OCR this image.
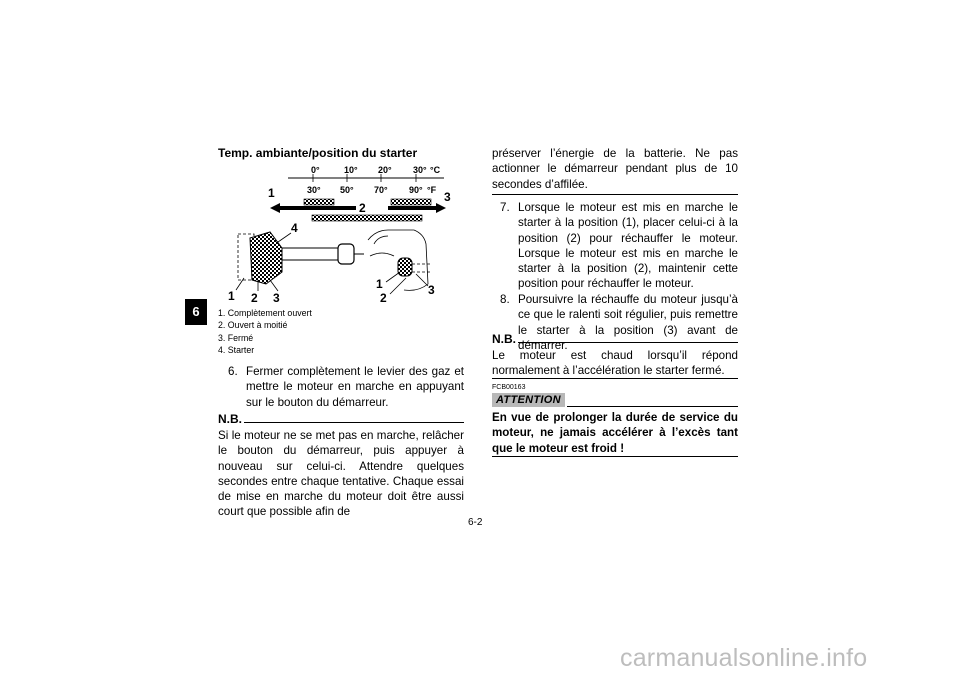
6
Temp. ambiante/position du starter
0°	10° 20° 30° °C
30° 50° 70° 90° °F
1	3
2
4
1 2 3
1
2
3
1. Complètement ouvert
2. Ouvert à moitié
3. Fermé
4. Starter
6. Fermer complètement le levier des gaz et mettre le moteur en marche en appuyant sur le bouton du démarreur.
N.B.
Si le moteur ne se met pas en marche, relâcher le bouton du démarreur, puis appuyer à nouveau sur celui-ci. Attendre quelques secondes entre chaque tentative. Chaque essai de mise en marche du moteur doit être aussi court que possible afin de
préserver l’énergie de la batterie. Ne pas actionner le démarreur pendant plus de 10 secondes d’affilée.
7. Lorsque le moteur est mis en marche le starter à la position (1), placer celui-ci à la position (2) pour réchauffer le moteur. Lorsque le moteur est mis en marche le starter à la position (2), maintenir cette position pour réchauffer le moteur.
8. Poursuivre la réchauffe du moteur jusqu’à ce que le ralenti soit régulier, puis remettre le starter à la position (3) avant de démarrer.
N.B.
Le moteur est chaud lorsqu’il répond normalement à l’accélération le starter fermé.
FCB00163
ATTENTION
En vue de prolonger la durée de service du moteur, ne jamais accélérer à l’excès tant que le moteur est froid !
6-2
carmanualsonline.info
